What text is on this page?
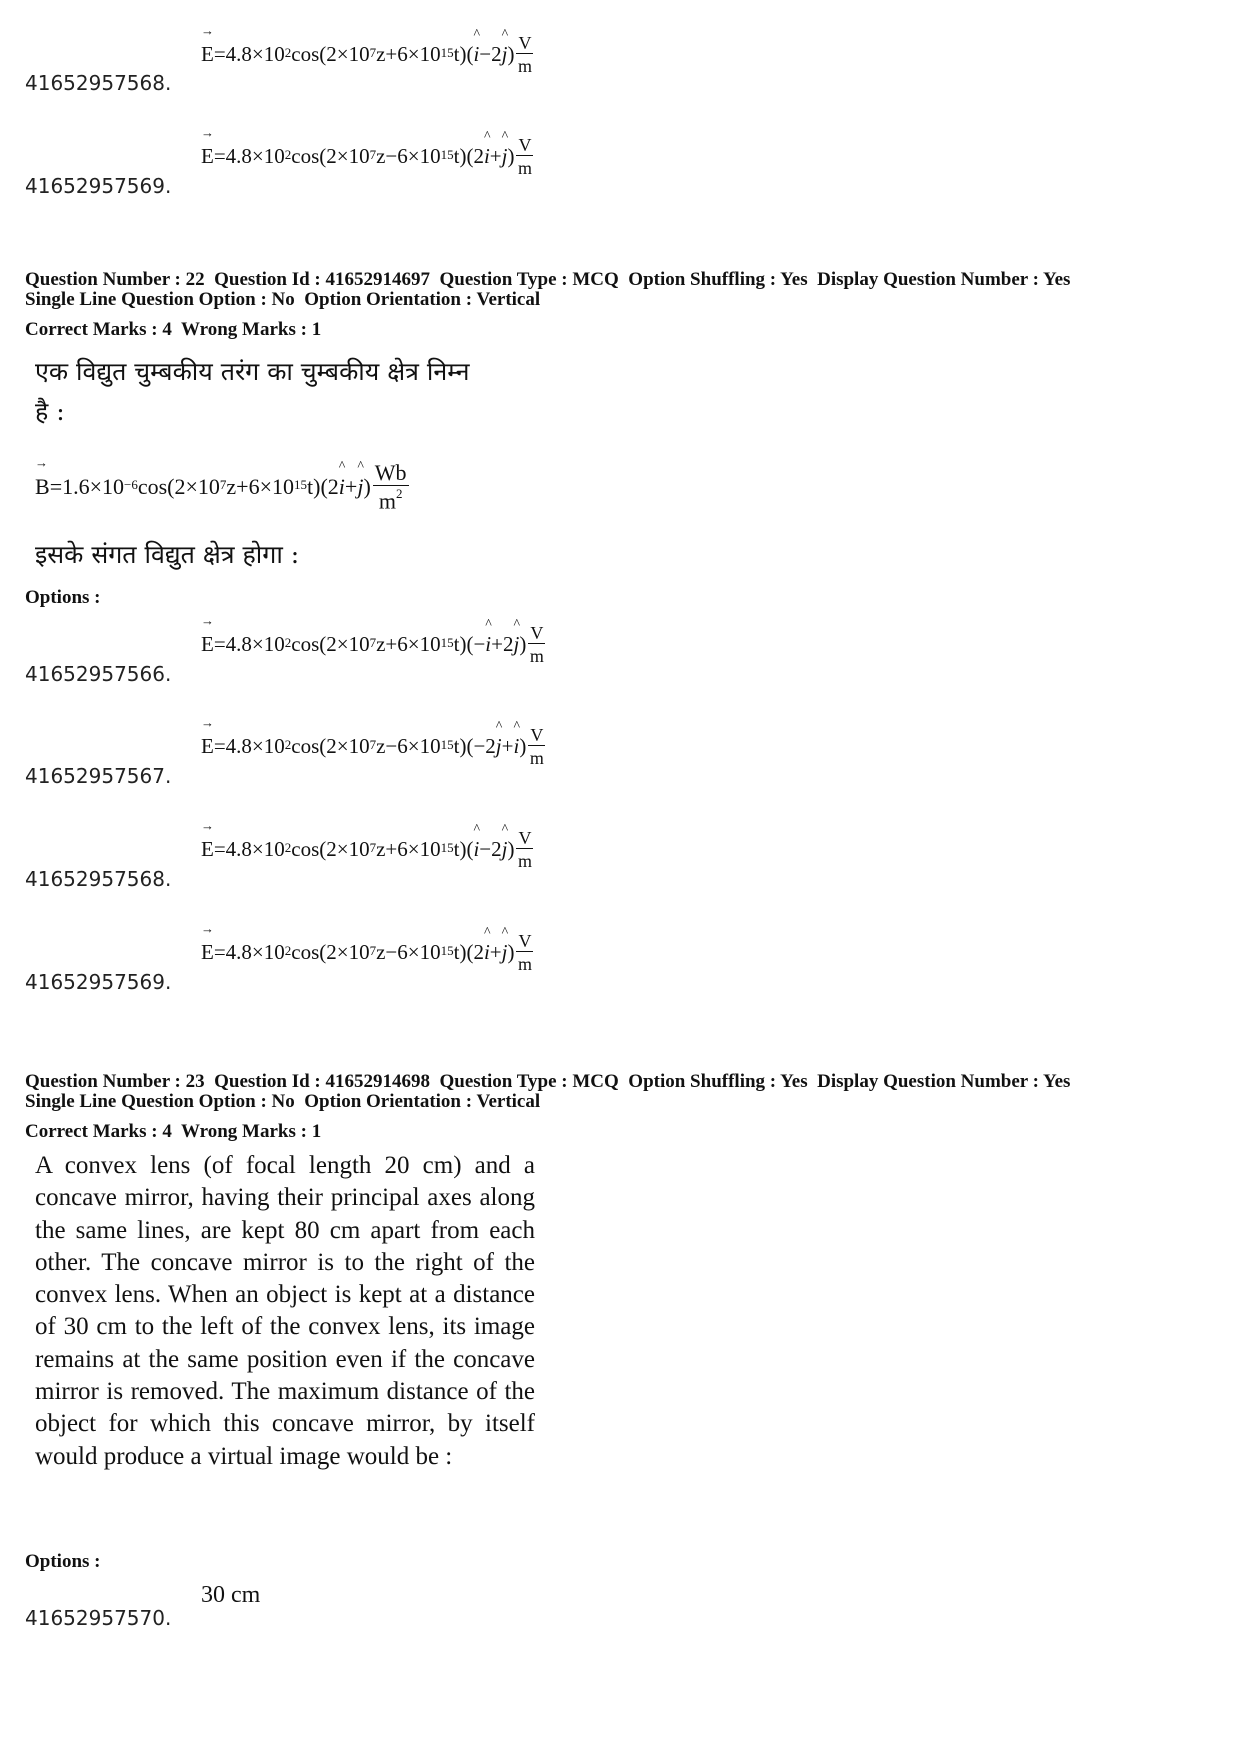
→ $E =4.8\times 10^2$ $\cos(2\times 10^7$ $z+6\times 10^{15}$ t)( ^ i −2 ^ j ) $\frac{V}{m}$
41652957568.
→ $E =4.8\times 10^2$ $\cos(2\times 10^7$ $z-6\times 10^{15}$ t)(2 ^ i + ^ j ) $\frac{V}{m}$
41652957569.
Question Number : 22  Question Id : 41652914697  Question Type : MCQ  Option Shuffling : Yes  Display Question Number : Yes
Single Line Question Option : No  Option Orientation : Vertical
Correct Marks : 4  Wrong Marks : 1
एक विद्युत चुम्बकीय तरंग का चुम्बकीय क्षेत्र निम्न
है :
→ $B =1.6\times 10^{-6}$ $\cos(2\times 10^7$ $z+6\times 10^{15}$ t)(2 ^ i + ^ j ) $\frac{Wb}{m^2}$
इसके संगत विद्युत क्षेत्र होगा :
Options :
→ $E =4.8\times 10^2$ $\cos(2\times 10^7$ $z+6\times 10^{15}$ t)(− ^ i +2 ^ j ) $\frac{V}{m}$
41652957566.
→ $E =4.8\times 10^2$ $\cos(2\times 10^7$ $z-6\times 10^{15}$ t)(−2 ^ j + ^ i ) $\frac{V}{m}$
41652957567.
→ $E =4.8\times 10^2$ $\cos(2\times 10^7$ $z+6\times 10^{15}$ t)( ^ i −2 ^ j ) $\frac{V}{m}$
41652957568.
→ $E =4.8\times 10^2$ $\cos(2\times 10^7$ $z-6\times 10^{15}$ t)(2 ^ i + ^ j ) $\frac{V}{m}$
41652957569.
Question Number : 23  Question Id : 41652914698  Question Type : MCQ  Option Shuffling : Yes  Display Question Number : Yes
Single Line Question Option : No  Option Orientation : Vertical
Correct Marks : 4  Wrong Marks : 1
A convex lens (of focal length 20 cm) and a concave mirror, having their principal axes along the same lines, are kept 80 cm apart from each other. The concave mirror is to the right of the convex lens. When an object is kept at a distance of 30 cm to the left of the convex lens, its image remains at the same position even if the concave mirror is removed. The maximum distance of the object for which this concave mirror, by itself would produce a virtual image would be :
Options :
30 cm
41652957570.
